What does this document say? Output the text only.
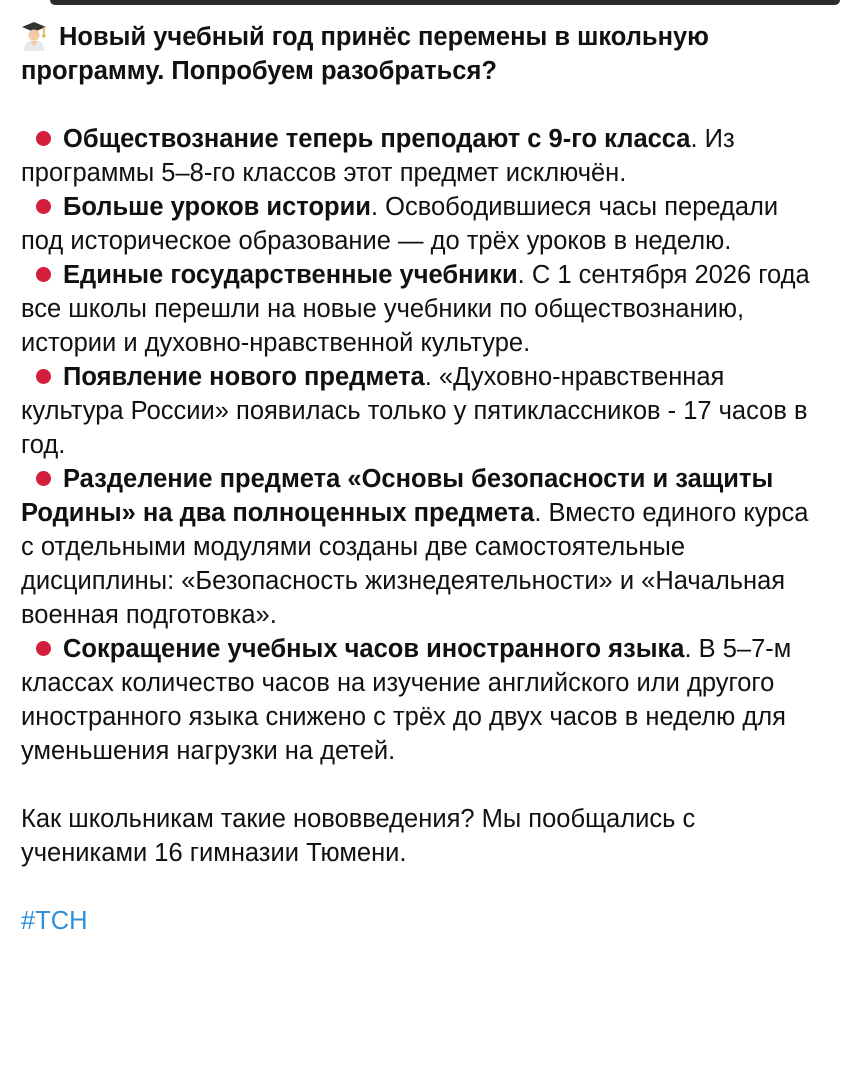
Новый учебный год принёс перемены в школьную программу. Попробуем разобраться?

Обществознание теперь преподают с 9-го класса. Из программы 5–8-го классов этот предмет исключён.

Больше уроков истории. Освободившиеся часы передали под историческое образование — до трёх уроков в неделю.

Единые государственные учебники. С 1 сентября 2026 года все школы перешли на новые учебники по обществознанию, истории и духовно-нравственной культуре.

Появление нового предмета. «Духовно-нравственная культура России» появилась только у пятиклассников - 17 часов в год.

Разделение предмета «Основы безопасности и защиты Родины» на два полноценных предмета. Вместо единого курса с отдельными модулями созданы две самостоятельные дисциплины: «Безопасность жизнедеятельности» и «Начальная военная подготовка».

Сокращение учебных часов иностранного языка. В 5–7-м классах количество часов на изучение английского или другого иностранного языка снижено с трёх до двух часов в неделю для уменьшения нагрузки на детей.

Как школьникам такие нововведения? Мы пообщались с учениками 16 гимназии Тюмени.

#ТСН
